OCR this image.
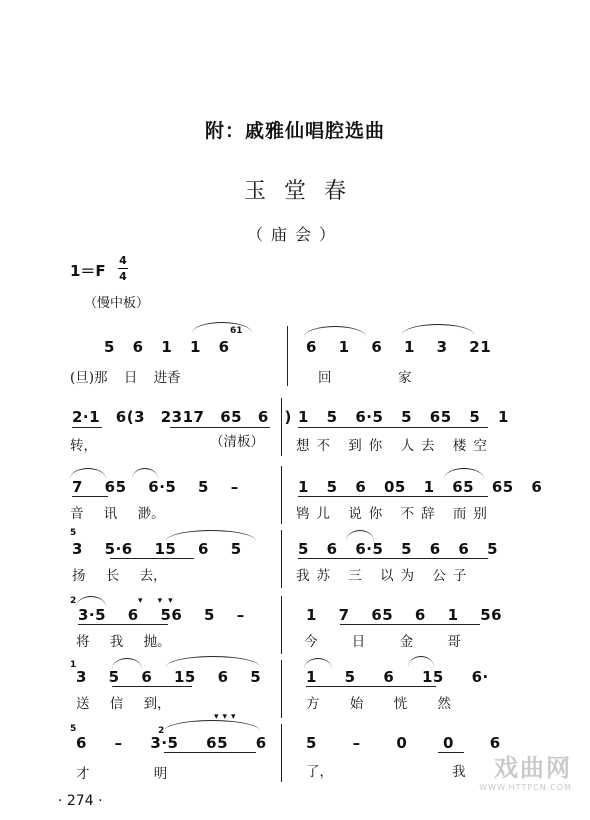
附：戚雅仙唱腔选曲
玉堂春
（庙会）
1＝F
4
4
（慢中板）
5 6 1 1 6
61
(旦)那 日 进香
6 1 6 1 3 21
回	家
2·1 6(3 2317 65 6 )
转，	（清板）
1 5 6·5 5 65 5 1
想不 到你 人去 楼空
7 65 6·5 5 –
音 讯 渺。
1 5 6 05 1 65 65 6
鸨儿 说你 不辞 而别
3 5·6 15 6 5
5
扬 长 去，
5 6 6·5 5 6 6 5
我苏 三 以为 公子
▾ ▾▾
2
3·5 6 56 5 –
将 我 抛。
1 7 65 6 1 56
今 日 金 哥
1
3 5 6 15 6 5
送 信 到，
1 5 6 15 6·
方 始 恍 然
5	2
▾▾▾
6 – 3·5 65 6
才 明
5 – 0 0 6
了，	我
· 274 ·
戏曲网
WWW.HTTPCN.COM
